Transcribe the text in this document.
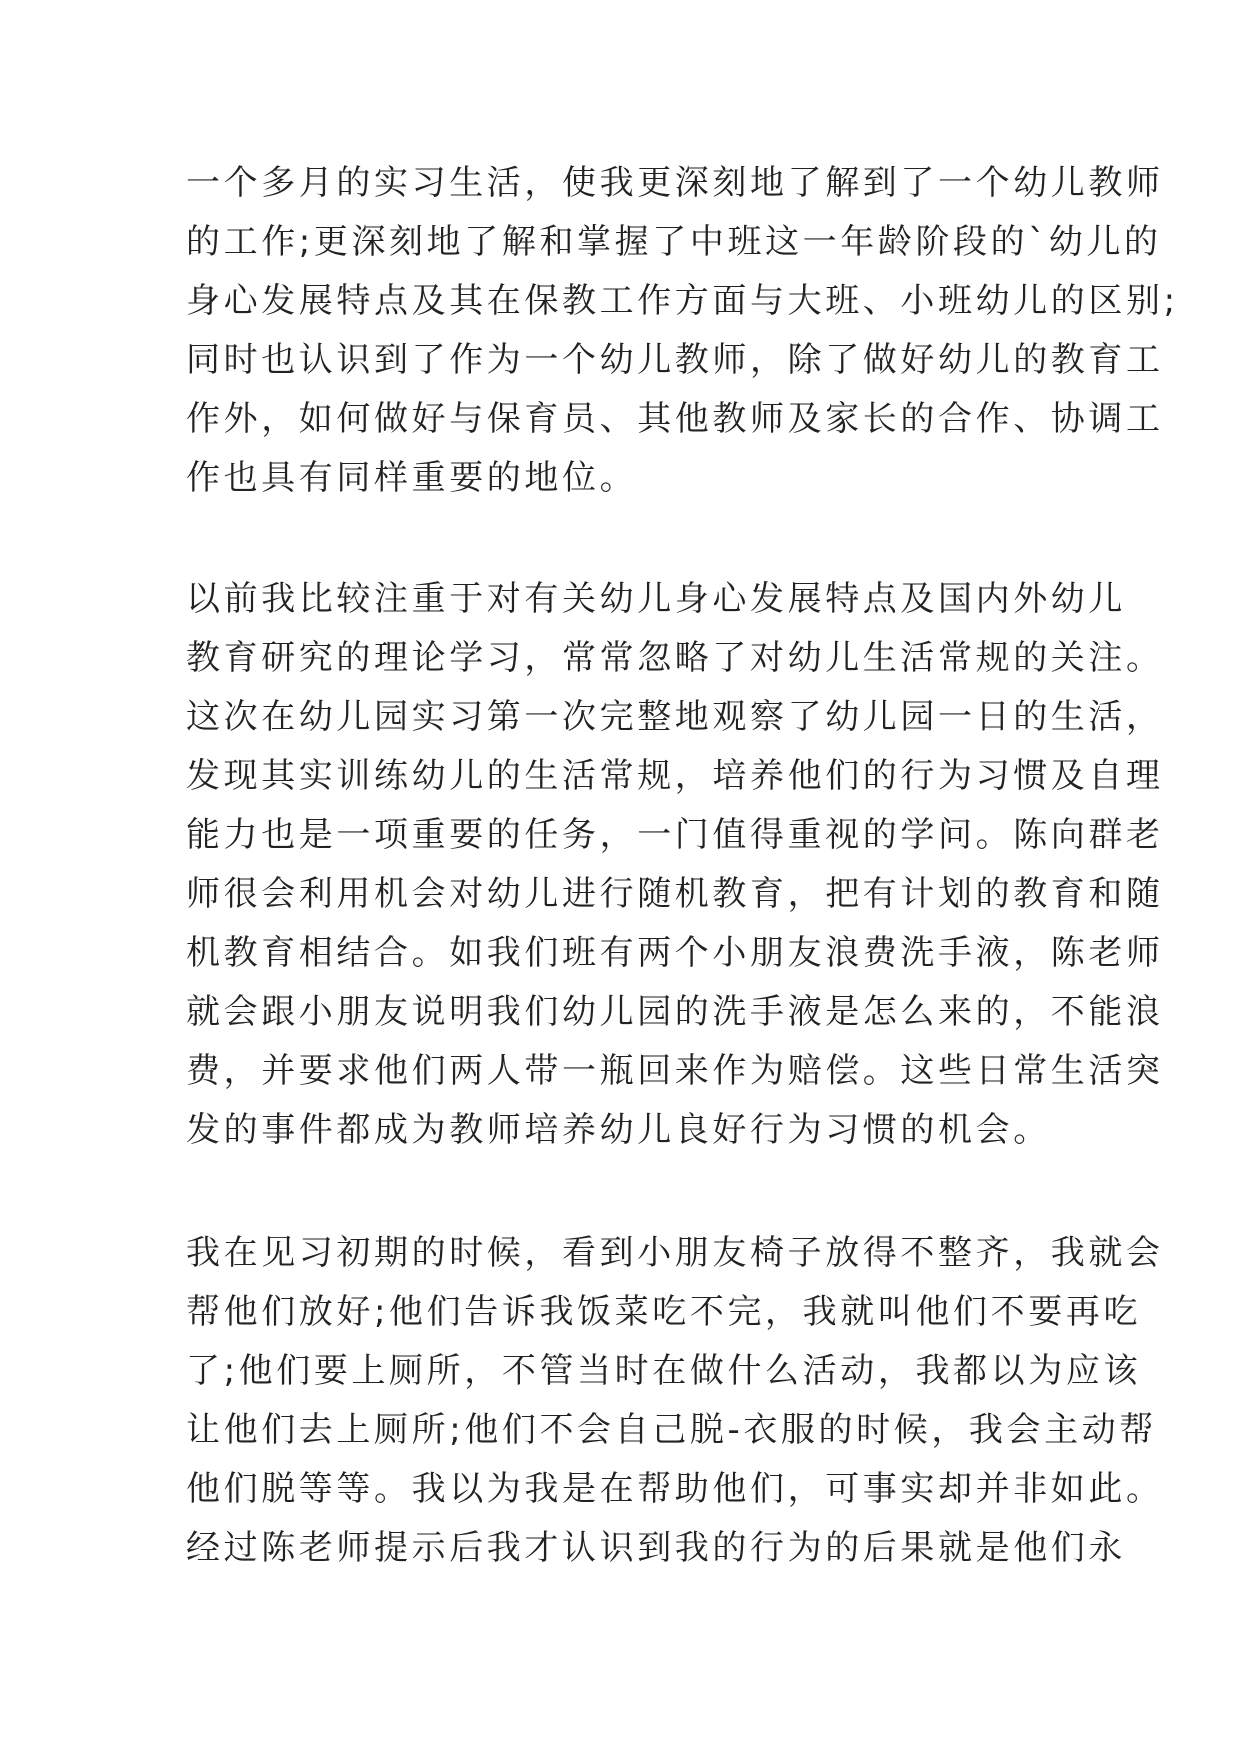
一个多月的实习生活，使我更深刻地了解到了一个幼儿教师
的工作;更深刻地了解和掌握了中班这一年龄阶段的`幼儿的
身心发展特点及其在保教工作方面与大班、小班幼儿的区别;
同时也认识到了作为一个幼儿教师，除了做好幼儿的教育工
作外，如何做好与保育员、其他教师及家长的合作、协调工
作也具有同样重要的地位。
以前我比较注重于对有关幼儿身心发展特点及国内外幼儿
教育研究的理论学习，常常忽略了对幼儿生活常规的关注。
这次在幼儿园实习第一次完整地观察了幼儿园一日的生活，
发现其实训练幼儿的生活常规，培养他们的行为习惯及自理
能力也是一项重要的任务，一门值得重视的学问。陈向群老
师很会利用机会对幼儿进行随机教育，把有计划的教育和随
机教育相结合。如我们班有两个小朋友浪费洗手液，陈老师
就会跟小朋友说明我们幼儿园的洗手液是怎么来的，不能浪
费，并要求他们两人带一瓶回来作为赔偿。这些日常生活突
发的事件都成为教师培养幼儿良好行为习惯的机会。
我在见习初期的时候，看到小朋友椅子放得不整齐，我就会
帮他们放好;他们告诉我饭菜吃不完，我就叫他们不要再吃
了;他们要上厕所，不管当时在做什么活动，我都以为应该
让他们去上厕所;他们不会自己脱-衣服的时候，我会主动帮
他们脱等等。我以为我是在帮助他们，可事实却并非如此。
经过陈老师提示后我才认识到我的行为的后果就是他们永
